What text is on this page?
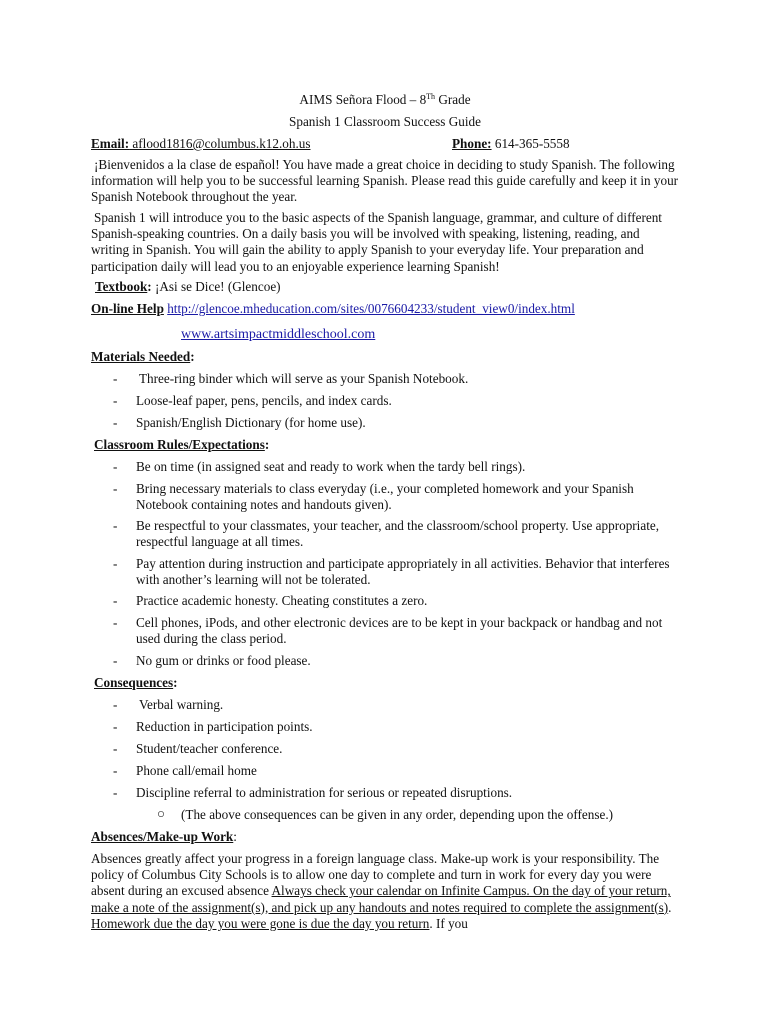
AIMS Señora Flood – 8Th Grade
Spanish 1 Classroom Success Guide
Email: aflood1816@columbus.k12.oh.us	Phone: 614-365-5558
¡Bienvenidos a la clase de español! You have made a great choice in deciding to study Spanish. The following information will help you to be successful learning Spanish. Please read this guide carefully and keep it in your Spanish Notebook throughout the year.
Spanish 1 will introduce you to the basic aspects of the Spanish language, grammar, and culture of different Spanish-speaking countries. On a daily basis you will be involved with speaking, listening, reading, and writing in Spanish. You will gain the ability to apply Spanish to your everyday life. Your preparation and participation daily will lead you to an enjoyable experience learning Spanish!
Textbook: ¡Asi se Dice! (Glencoe)
On-line Help http://glencoe.mheducation.com/sites/0076604233/student_view0/index.html
www.artsimpactmiddleschool.com
Materials Needed:
- Three-ring binder which will serve as your Spanish Notebook.
- Loose-leaf paper, pens, pencils, and index cards.
- Spanish/English Dictionary (for home use).
Classroom Rules/Expectations:
- Be on time (in assigned seat and ready to work when the tardy bell rings).
- Bring necessary materials to class everyday (i.e., your completed homework and your Spanish Notebook containing notes and handouts given).
- Be respectful to your classmates, your teacher, and the classroom/school property. Use appropriate, respectful language at all times.
- Pay attention during instruction and participate appropriately in all activities. Behavior that interferes with another’s learning will not be tolerated.
- Practice academic honesty. Cheating constitutes a zero.
- Cell phones, iPods, and other electronic devices are to be kept in your backpack or handbag and not used during the class period.
- No gum or drinks or food please.
Consequences:
- Verbal warning.
- Reduction in participation points.
- Student/teacher conference.
- Phone call/email home
- Discipline referral to administration for serious or repeated disruptions.
○ (The above consequences can be given in any order, depending upon the offense.)
Absences/Make-up Work:
Absences greatly affect your progress in a foreign language class. Make-up work is your responsibility. The policy of Columbus City Schools is to allow one day to complete and turn in work for every day you were absent during an excused absence Always check your calendar on Infinite Campus. On the day of your return, make a note of the assignment(s), and pick up any handouts and notes required to complete the assignment(s). Homework due the day you were gone is due the day you return. If you
